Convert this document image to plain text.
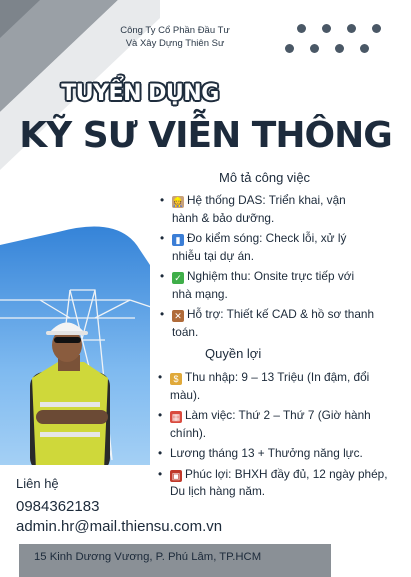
Công Ty Cổ Phần Đầu Tư
Và Xây Dựng Thiên Sư
TUYỂN DỤNG
KỸ SƯ VIỄN THÔNG
Mô tả công việc
• 👷 Hệ thống DAS: Triển khai, vận hành & bảo dưỡng.
• ▮ Đo kiểm sóng: Check lỗi, xử lý nhiễu tại dự án.
• ✓ Nghiệm thu: Onsite trực tiếp với nhà mạng.
• ✕ Hỗ trợ: Thiết kế CAD & hồ sơ thanh toán.
Quyền lợi
• $ Thu nhập: 9 – 13 Triệu (In đậm, đổi màu).
• ▦ Làm việc: Thứ 2 – Thứ 7 (Giờ hành chính).
• Lương tháng 13 + Thưởng năng lực.
• ▣ Phúc lợi: BHXH đầy đủ, 12 ngày phép, Du lịch hàng năm.
Liên hệ
0984362183
admin.hr@mail.thiensu.com.vn
15 Kinh Dương Vương, P. Phú Lâm, TP.HCM
